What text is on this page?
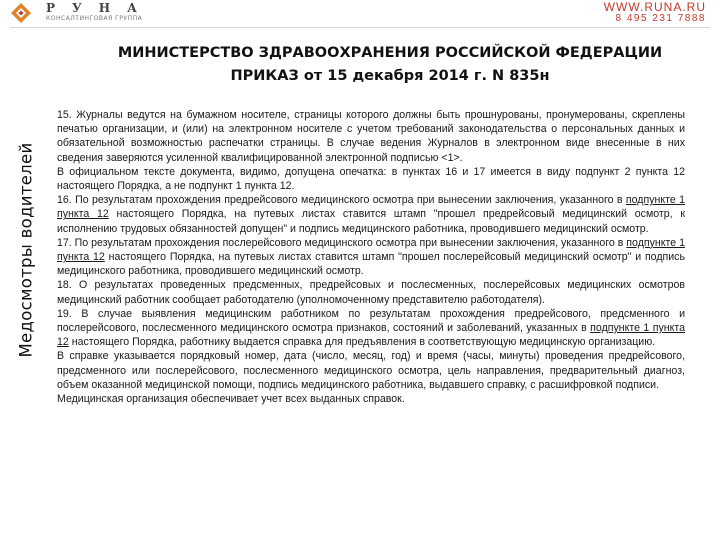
РУНА
КОНСАЛТИНГОВАЯ ГРУППА
WWW.RUNA.RU
8 495 231 7888
МИНИСТЕРСТВО ЗДРАВООХРАНЕНИЯ РОССИЙСКОЙ ФЕДЕРАЦИИ
ПРИКАЗ от 15 декабря 2014 г. N 835н
Медосмотры водителей

15. Журналы ведутся на бумажном носителе, страницы которого должны быть прошнурованы, пронумерованы, скреплены печатью организации, и (или) на электронном носителе с учетом требований законодательства о персональных данных и обязательной возможностью распечатки страницы. В случае ведения Журналов в электронном виде внесенные в них сведения заверяются усиленной квалифицированной электронной подписью <1>.

В официальном тексте документа, видимо, допущена опечатка: в пунктах 16 и 17 имеется в виду подпункт 2 пункта 12 настоящего Порядка, а не подпункт 1 пункта 12.

16. По результатам прохождения предрейсового медицинского осмотра при вынесении заключения, указанного в подпункте 1 пункта 12 настоящего Порядка, на путевых листах ставится штамп "прошел предрейсовый медицинский осмотр, к исполнению трудовых обязанностей допущен" и подпись медицинского работника, проводившего медицинский осмотр.

17. По результатам прохождения послерейсового медицинского осмотра при вынесении заключения, указанного в подпункте 1 пункта 12 настоящего Порядка, на путевых листах ставится штамп "прошел послерейсовый медицинский осмотр" и подпись медицинского работника, проводившего медицинский осмотр.

18. О результатах проведенных предсменных, предрейсовых и послесменных, послерейсовых медицинских осмотров медицинский работник сообщает работодателю (уполномоченному представителю работодателя).

19. В случае выявления медицинским работником по результатам прохождения предрейсового, предсменного и послерейсового, послесменного медицинского осмотра признаков, состояний и заболеваний, указанных в подпункте 1 пункта 12 настоящего Порядка, работнику выдается справка для предъявления в соответствующую медицинскую организацию.

В справке указывается порядковый номер, дата (число, месяц, год) и время (часы, минуты) проведения предрейсового, предсменного или послерейсового, послесменного медицинского осмотра, цель направления, предварительный диагноз, объем оказанной медицинской помощи, подпись медицинского работника, выдавшего справку, с расшифровкой подписи.

Медицинская организация обеспечивает учет всех выданных справок.
